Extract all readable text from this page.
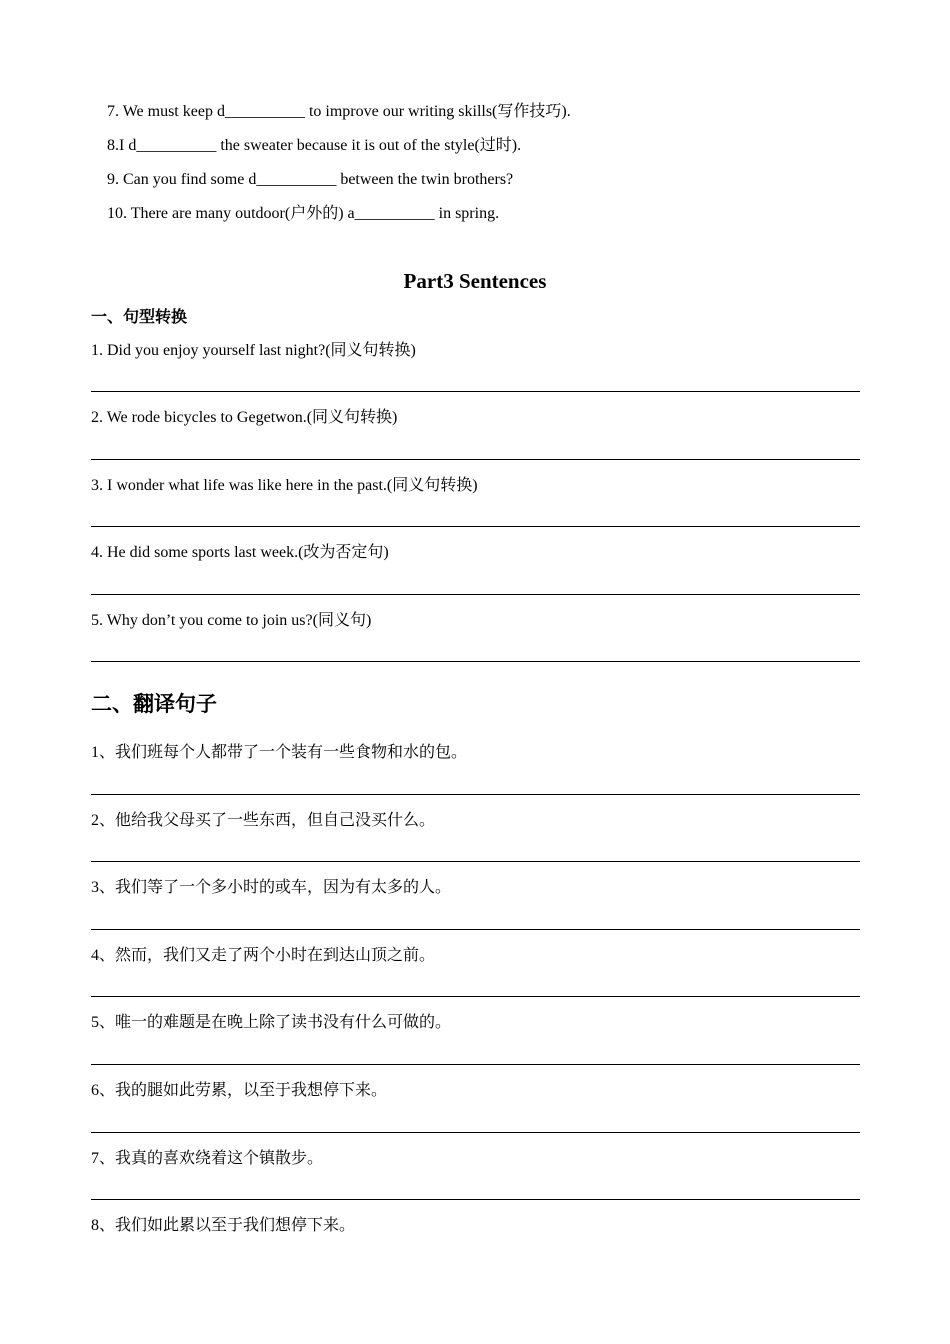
7. We must keep d__________ to improve our writing skills(写作技巧).
8.I d__________ the sweater because it is out of the style(过时).
9. Can you find some d__________ between the twin brothers?
10. There are many outdoor(户外的) a__________ in spring.
Part3 Sentences
一、句型转换
1. Did you enjoy yourself last night?(同义句转换)
2. We rode bicycles to Gegetwon.(同义句转换)
3. I wonder what life was like here in the past.(同义句转换)
4. He did some sports last week.(改为否定句)
5. Why don’t you come to join us?(同义句)
二、翻译句子
1、我们班每个人都带了一个装有一些食物和水的包。
2、他给我父母买了一些东西，但自己没买什么。
3、我们等了一个多小时的或车，因为有太多的人。
4、然而，我们又走了两个小时在到达山顶之前。
5、唯一的难题是在晚上除了读书没有什么可做的。
6、我的腿如此劳累，以至于我想停下来。
7、我真的喜欢绕着这个镇散步。
8、我们如此累以至于我们想停下来。
